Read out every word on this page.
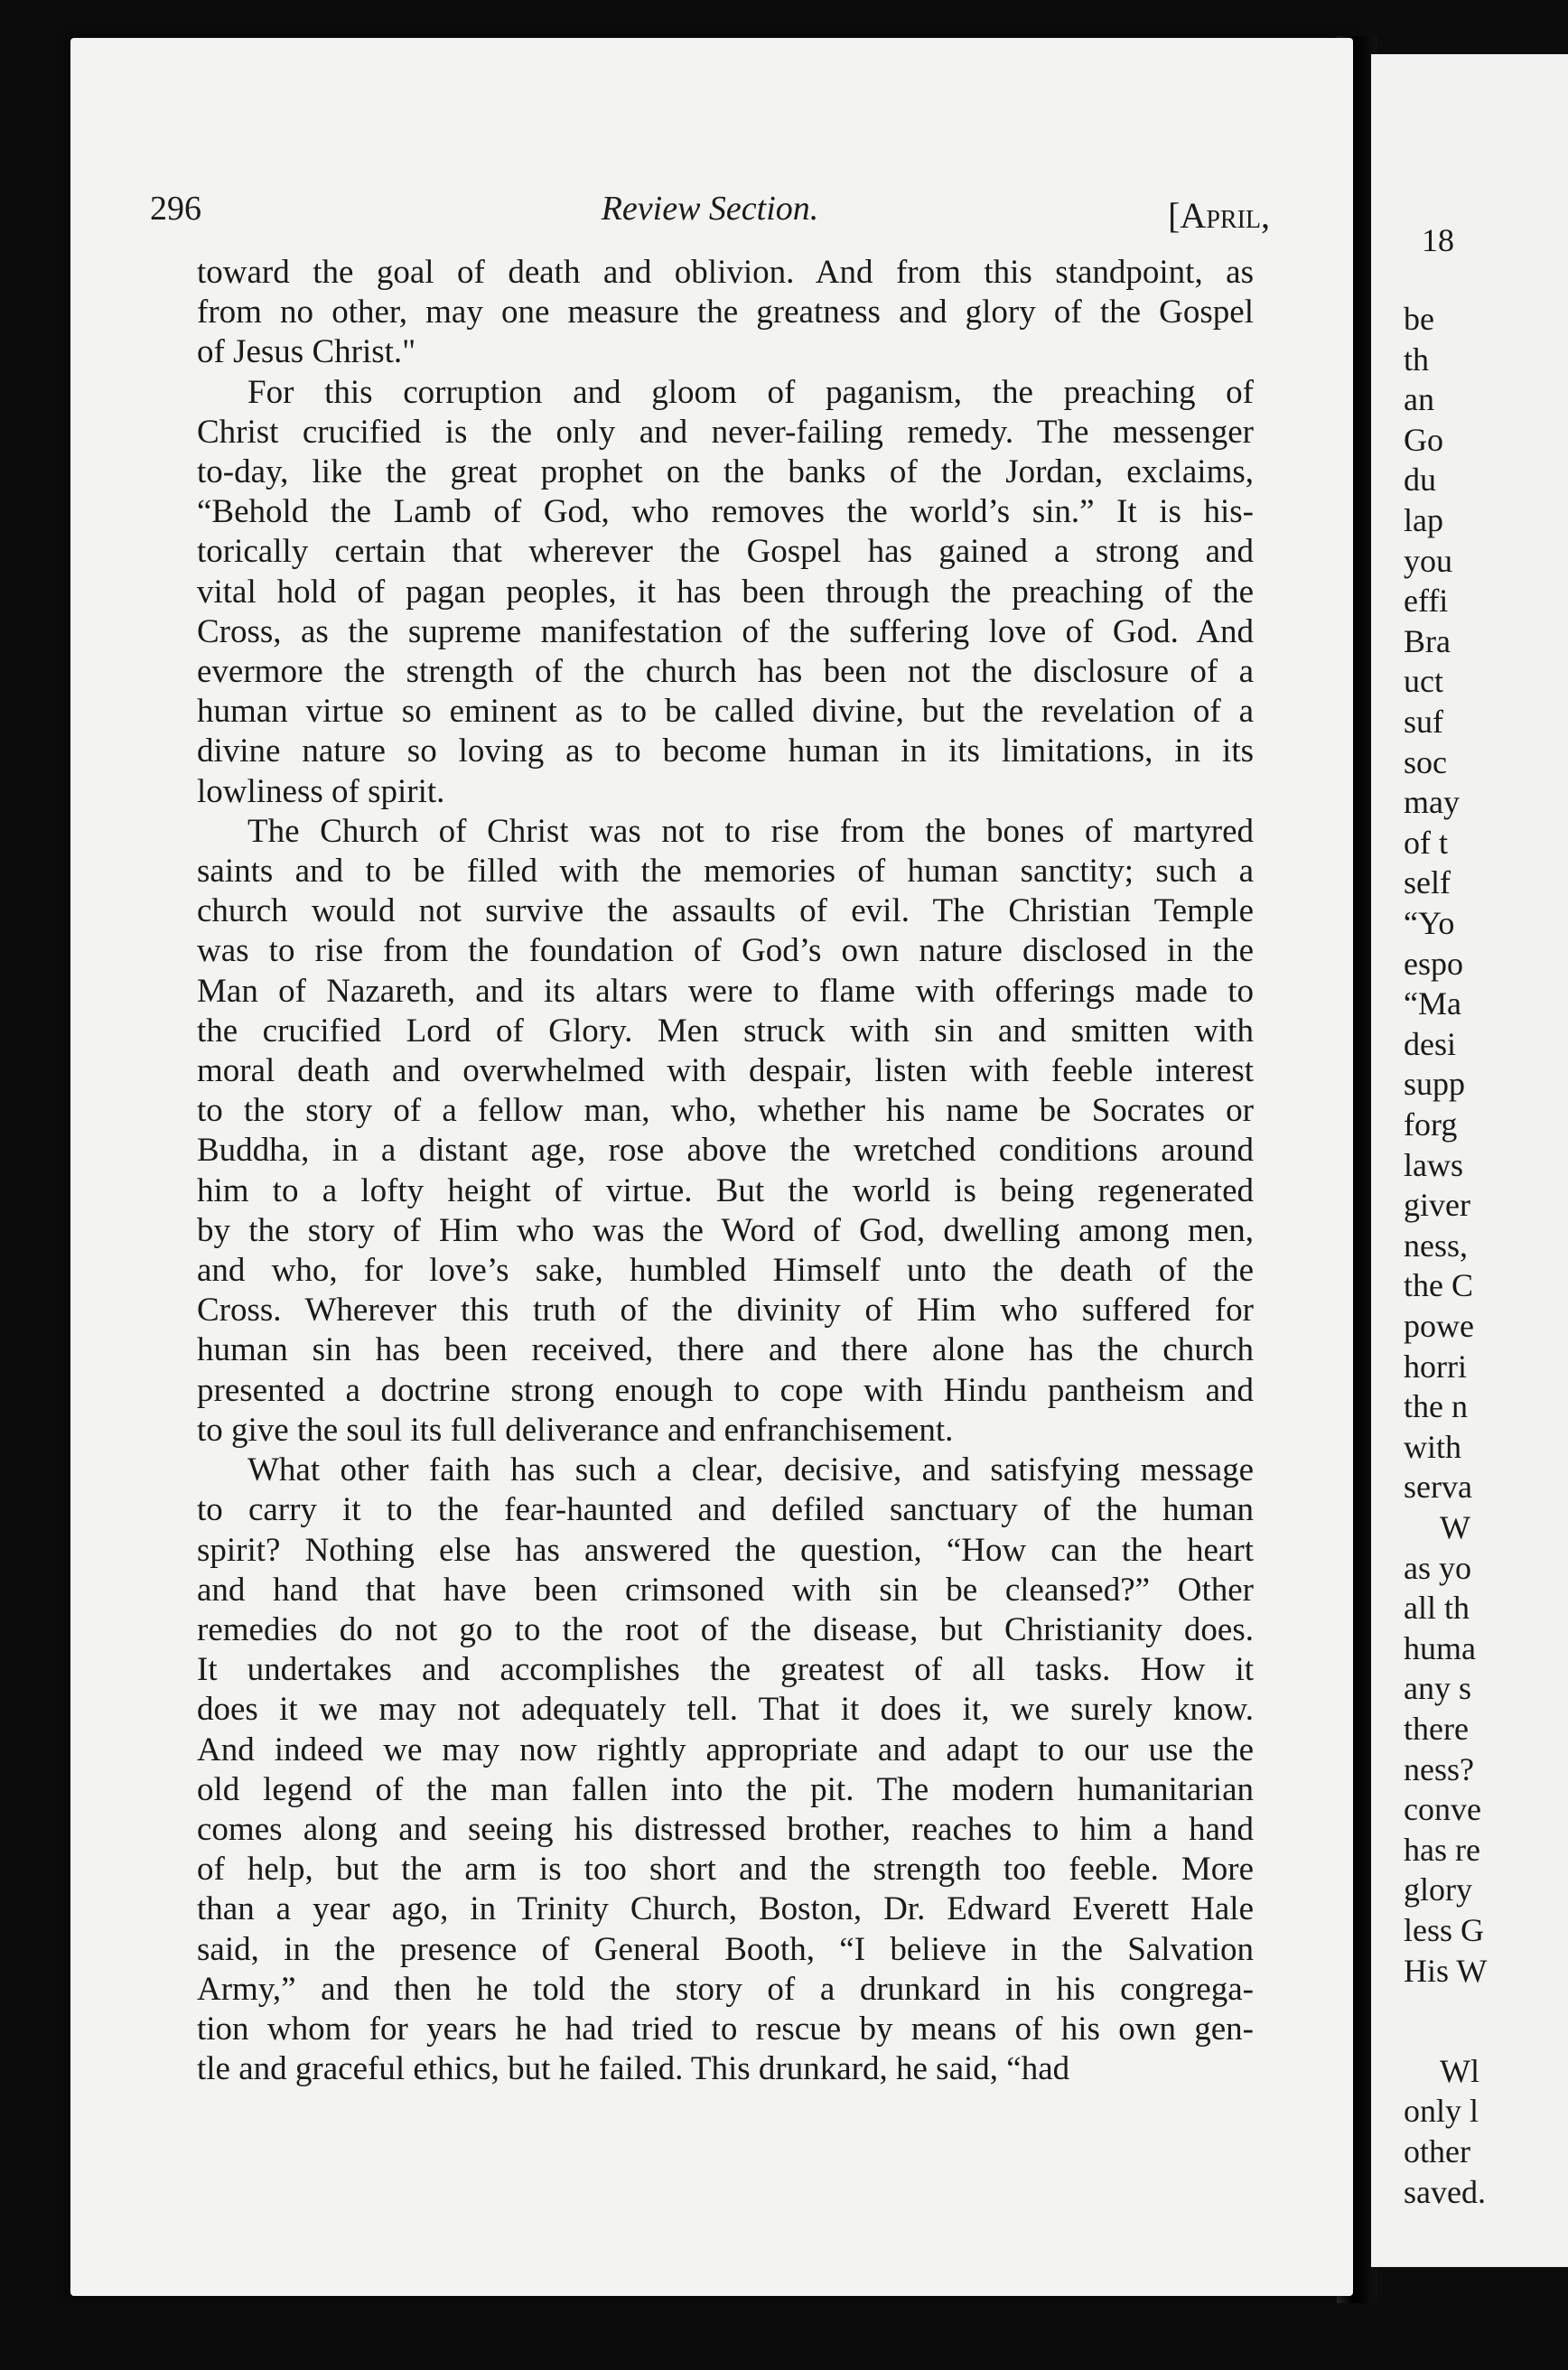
296	Review Section.	[April,

toward the goal of death and oblivion. And from this standpoint, as
from no other, may one measure the greatness and glory of the Gospel
of Jesus Christ."

For this corruption and gloom of paganism, the preaching of
Christ crucified is the only and never-failing remedy. The messenger
to-day, like the great prophet on the banks of the Jordan, exclaims,
“Behold the Lamb of God, who removes the world’s sin.” It is his-
torically certain that wherever the Gospel has gained a strong and
vital hold of pagan peoples, it has been through the preaching of the
Cross, as the supreme manifestation of the suffering love of God. And
evermore the strength of the church has been not the disclosure of a
human virtue so eminent as to be called divine, but the revelation of a
divine nature so loving as to become human in its limitations, in its
lowliness of spirit.

The Church of Christ was not to rise from the bones of martyred
saints and to be filled with the memories of human sanctity; such a
church would not survive the assaults of evil. The Christian Temple
was to rise from the foundation of God’s own nature disclosed in the
Man of Nazareth, and its altars were to flame with offerings made to
the crucified Lord of Glory. Men struck with sin and smitten with
moral death and overwhelmed with despair, listen with feeble interest
to the story of a fellow man, who, whether his name be Socrates or
Buddha, in a distant age, rose above the wretched conditions around
him to a lofty height of virtue. But the world is being regenerated
by the story of Him who was the Word of God, dwelling among men,
and who, for love’s sake, humbled Himself unto the death of the
Cross. Wherever this truth of the divinity of Him who suffered for
human sin has been received, there and there alone has the church
presented a doctrine strong enough to cope with Hindu pantheism and
to give the soul its full deliverance and enfranchisement.

What other faith has such a clear, decisive, and satisfying message
to carry it to the fear-haunted and defiled sanctuary of the human
spirit? Nothing else has answered the question, “How can the heart
and hand that have been crimsoned with sin be cleansed?” Other
remedies do not go to the root of the disease, but Christianity does.
It undertakes and accomplishes the greatest of all tasks. How it
does it we may not adequately tell. That it does it, we surely know.
And indeed we may now rightly appropriate and adapt to our use the
old legend of the man fallen into the pit. The modern humanitarian
comes along and seeing his distressed brother, reaches to him a hand
of help, but the arm is too short and the strength too feeble. More
than a year ago, in Trinity Church, Boston, Dr. Edward Everett Hale
said, in the presence of General Booth, “I believe in the Salvation
Army,” and then he told the story of a drunkard in his congrega-
tion whom for years he had tried to rescue by means of his own gen-
tle and graceful ethics, but he failed. This drunkard, he said, “had

18
be
th
an
Go
du
lap
you
effi
Bra
uct
suf
soc
may
of t
self
“Yo
espo
“Ma
desi
supp
forg
laws
giver
ness,
the C
powe
horri
the n
with
serva
W
as yo
all th
huma
any s
there
ness?
conve
has re
glory
less G
His W
Wl
only l
other
saved.
